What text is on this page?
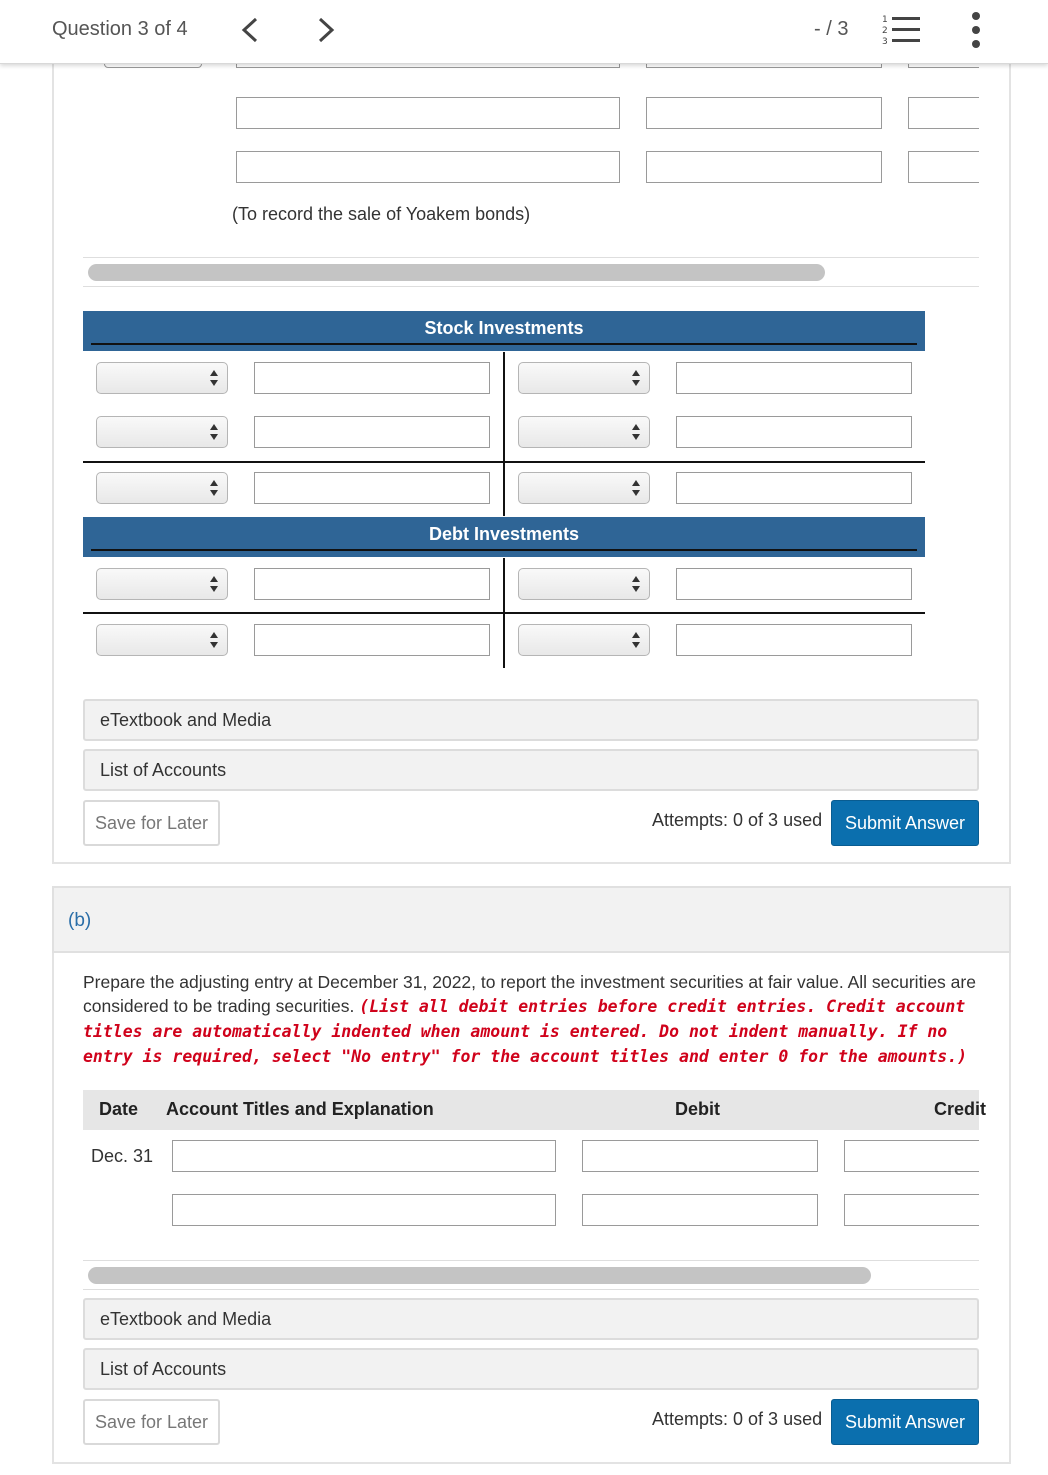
Question 3 of 4	- / 3	1
2
3
(To record the sale of Yoakem bonds)
Stock Investments
Debt Investments
eTextbook and Media
List of Accounts
Save for Later	Attempts: 0 of 3 used	Submit Answer
(b)
Prepare the adjusting entry at December 31, 2022, to report the investment securities at fair value. All securities are considered to be trading securities. (List all debit entries before credit entries. Credit account titles are automatically indented when amount is entered. Do not indent manually. If no entry is required, select "No entry" for the account titles and enter 0 for the amounts.)
Date Account Titles and Explanation	Debit	Credit
Dec. 31
eTextbook and Media
List of Accounts
Save for Later	Attempts: 0 of 3 used	Submit Answer
